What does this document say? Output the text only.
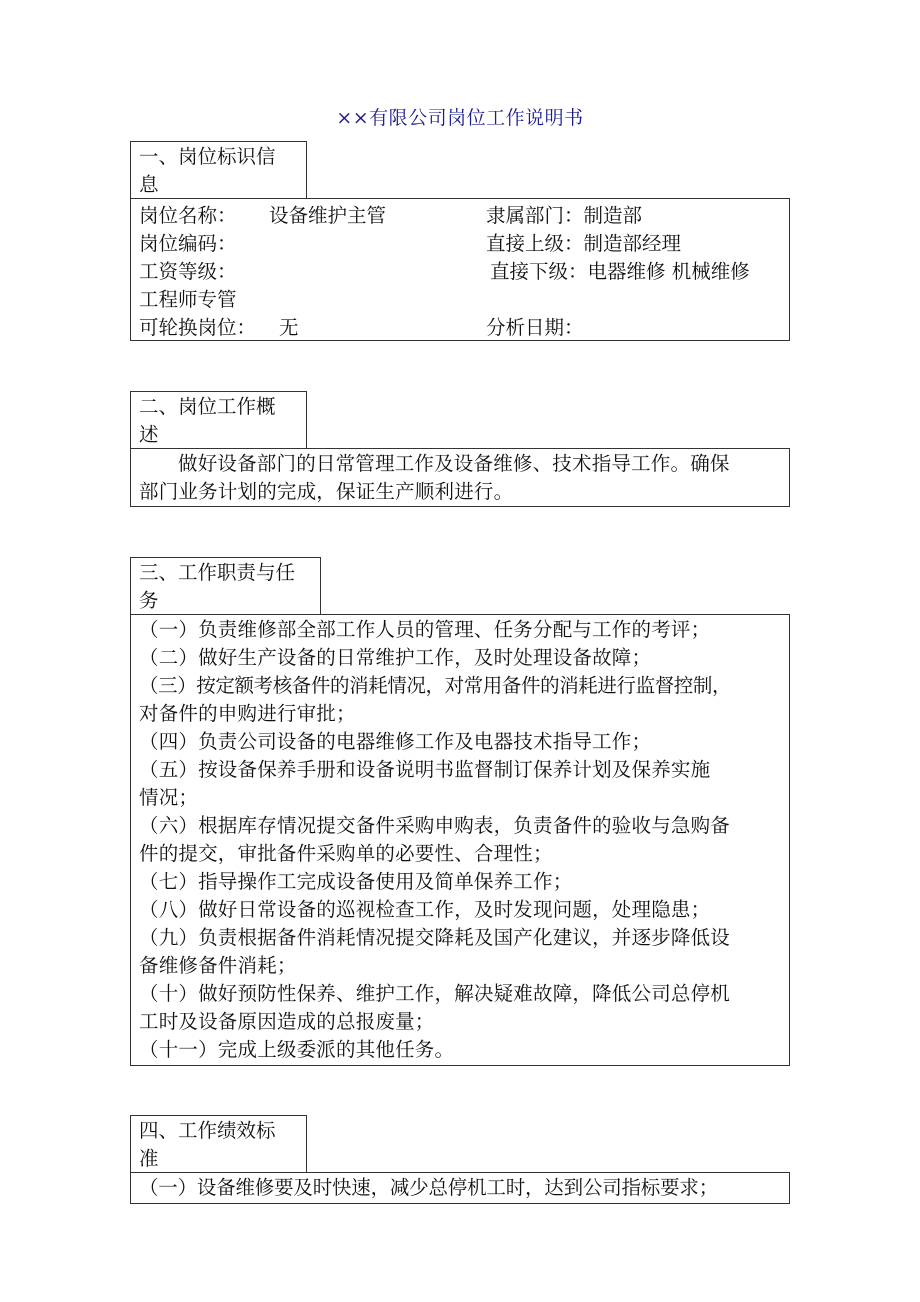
××有限公司岗位工作说明书
一、岗位标识信
息
岗位名称： 设备维护主管	隶属部门：制造部
岗位编码：	直接上级：制造部经理
工资等级：	直接下级：电器维修 机械维修
工程师专管
可轮换岗位： 无	分析日期：
二、岗位工作概
述
做好设备部门的日常管理工作及设备维修、技术指导工作。确保
部门业务计划的完成，保证生产顺利进行。
三、工作职责与任
务
（一）负责维修部全部工作人员的管理、任务分配与工作的考评；
（二）做好生产设备的日常维护工作，及时处理设备故障；
（三）按定额考核备件的消耗情况，对常用备件的消耗进行监督控制，
对备件的申购进行审批；
（四）负责公司设备的电器维修工作及电器技术指导工作；
（五）按设备保养手册和设备说明书监督制订保养计划及保养实施
情况；
（六）根据库存情况提交备件采购申购表，负责备件的验收与急购备
件的提交，审批备件采购单的必要性、合理性；
（七）指导操作工完成设备使用及简单保养工作；
（八）做好日常设备的巡视检查工作，及时发现问题，处理隐患；
（九）负责根据备件消耗情况提交降耗及国产化建议，并逐步降低设
备维修备件消耗；
（十）做好预防性保养、维护工作，解决疑难故障，降低公司总停机
工时及设备原因造成的总报废量；
（十一）完成上级委派的其他任务。
四、工作绩效标
准
（一）设备维修要及时快速，减少总停机工时，达到公司指标要求；
